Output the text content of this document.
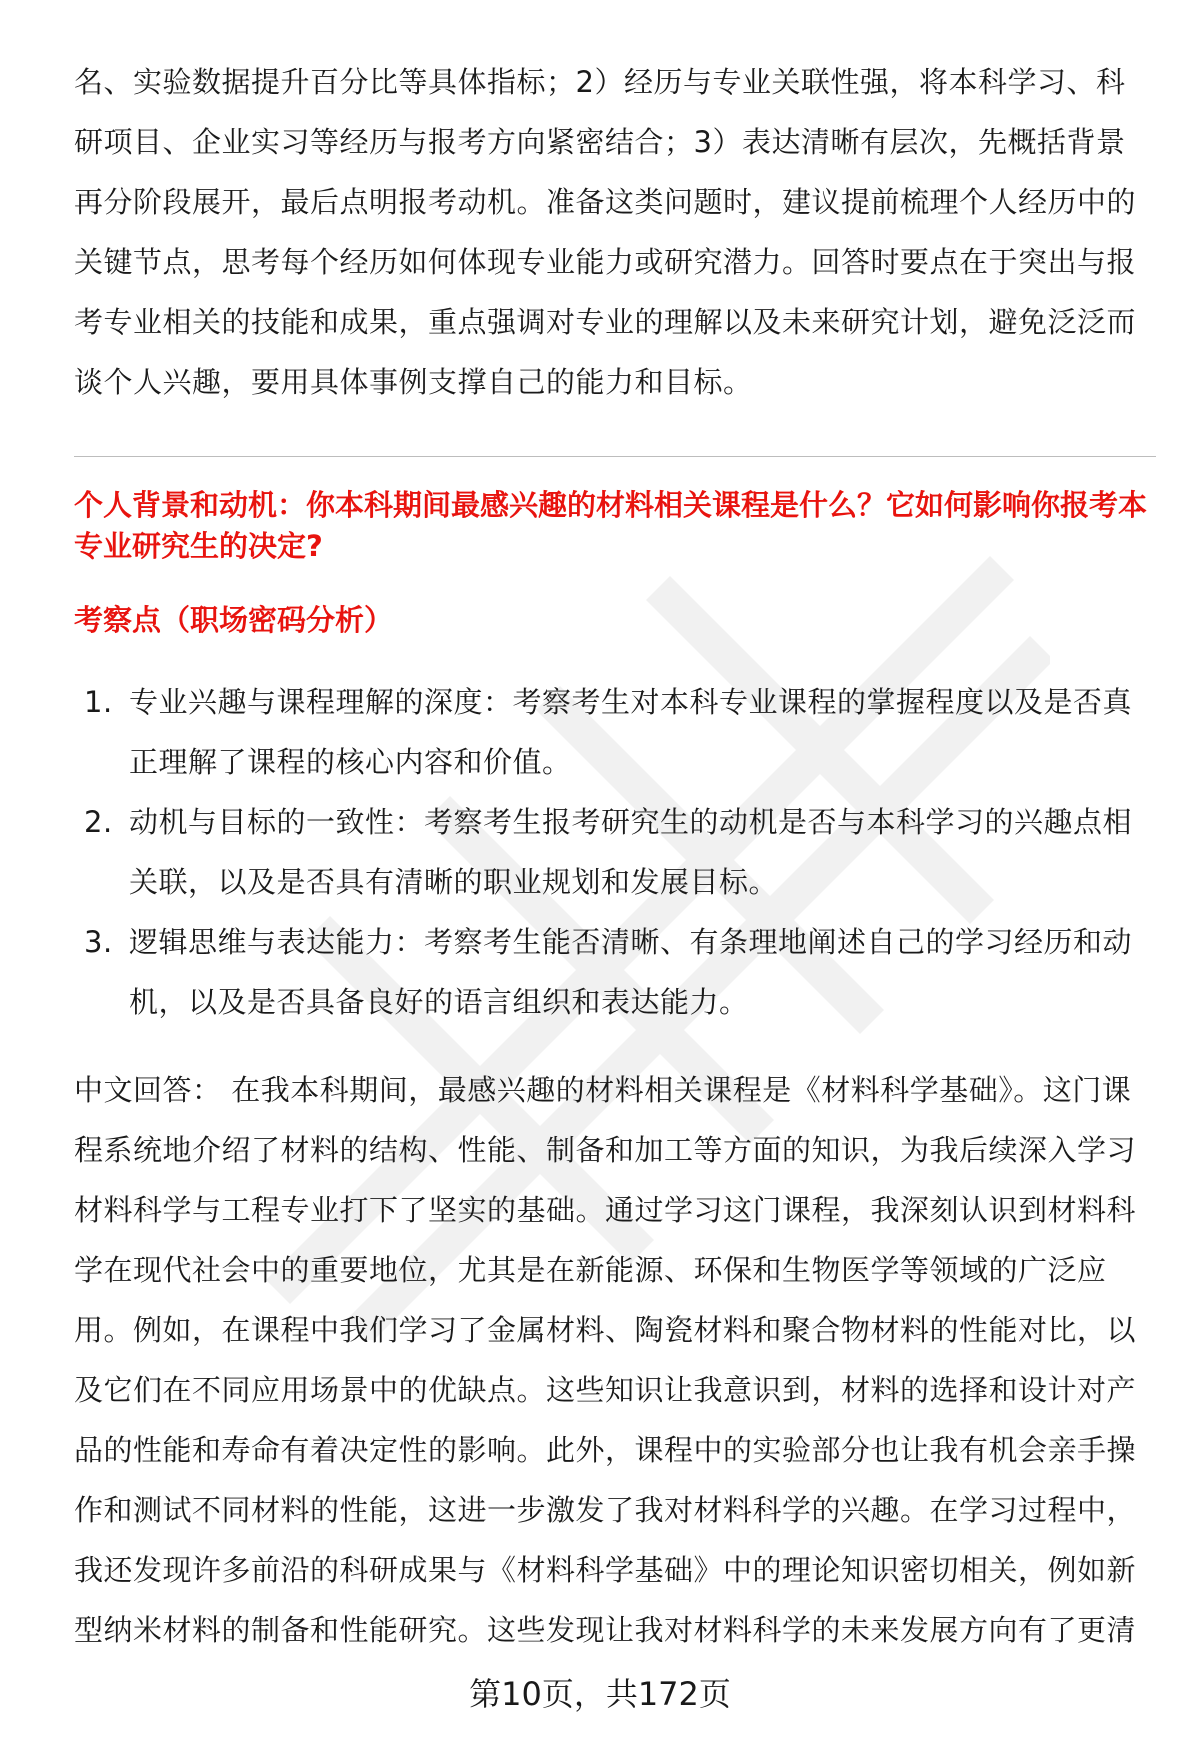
名、实验数据提升百分比等具体指标；2）经历与专业关联性强，将本科学习、科研项目、企业实习等经历与报考方向紧密结合；3）表达清晰有层次，先概括背景再分阶段展开，最后点明报考动机。准备这类问题时，建议提前梳理个人经历中的关键节点，思考每个经历如何体现专业能力或研究潜力。回答时要点在于突出与报考专业相关的技能和成果，重点强调对专业的理解以及未来研究计划，避免泛泛而谈个人兴趣，要用具体事例支撑自己的能力和目标。

个人背景和动机：你本科期间最感兴趣的材料相关课程是什么？它如何影响你报考本专业研究生的决定?
考察点（职场密码分析）
1. 专业兴趣与课程理解的深度：考察考生对本科专业课程的掌握程度以及是否真正理解了课程的核心内容和价值。
2. 动机与目标的一致性：考察考生报考研究生的动机是否与本科学习的兴趣点相关联，以及是否具有清晰的职业规划和发展目标。
3. 逻辑思维与表达能力：考察考生能否清晰、有条理地阐述自己的学习经历和动机，以及是否具备良好的语言组织和表达能力。

中文回答： 在我本科期间，最感兴趣的材料相关课程是《材料科学基础》。这门课程系统地介绍了材料的结构、性能、制备和加工等方面的知识，为我后续深入学习材料科学与工程专业打下了坚实的基础。通过学习这门课程，我深刻认识到材料科学在现代社会中的重要地位，尤其是在新能源、环保和生物医学等领域的广泛应用。例如，在课程中我们学习了金属材料、陶瓷材料和聚合物材料的性能对比，以及它们在不同应用场景中的优缺点。这些知识让我意识到，材料的选择和设计对产品的性能和寿命有着决定性的影响。此外，课程中的实验部分也让我有机会亲手操作和测试不同材料的性能，这进一步激发了我对材料科学的兴趣。在学习过程中，我还发现许多前沿的科研成果与《材料科学基础》中的理论知识密切相关，例如新型纳米材料的制备和性能研究。这些发现让我对材料科学的未来发展方向有了更清

第10页，共172页
